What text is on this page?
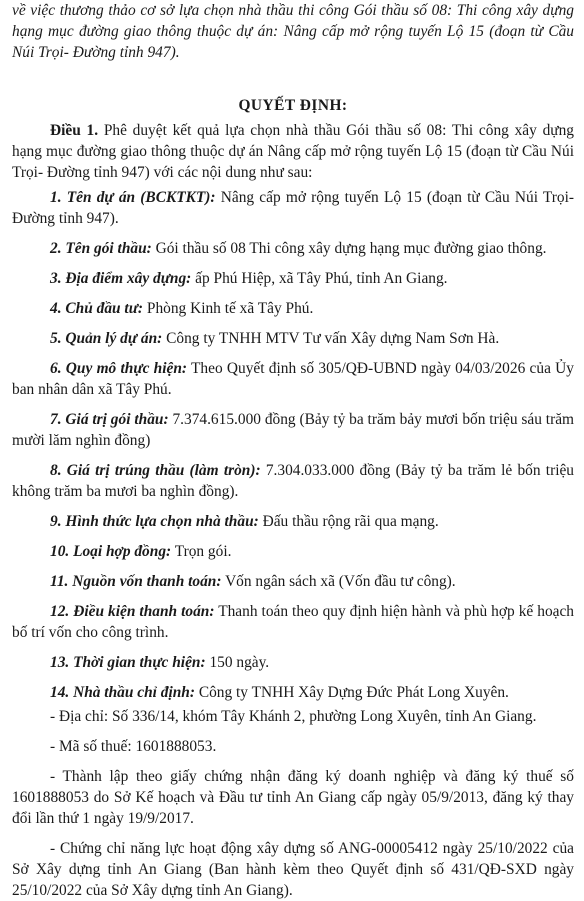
về việc thương thảo cơ sở lựa chọn nhà thầu thi công Gói thầu số 08: Thi công xây dựng hạng mục đường giao thông thuộc dự án: Nâng cấp mở rộng tuyến Lộ 15 (đoạn từ Cầu Núi Trọi- Đường tỉnh 947).

QUYẾT ĐỊNH:

Điều 1. Phê duyệt kết quả lựa chọn nhà thầu Gói thầu số 08: Thi công xây dựng hạng mục đường giao thông thuộc dự án Nâng cấp mở rộng tuyến Lộ 15 (đoạn từ Cầu Núi Trọi- Đường tỉnh 947) với các nội dung như sau:

1. Tên dự án (BCKTKT): Nâng cấp mở rộng tuyến Lộ 15 (đoạn từ Cầu Núi Trọi- Đường tỉnh 947).

2. Tên gói thầu: Gói thầu số 08 Thi công xây dựng hạng mục đường giao thông.

3. Địa điểm xây dựng: ấp Phú Hiệp, xã Tây Phú, tỉnh An Giang.

4. Chủ đầu tư: Phòng Kinh tế xã Tây Phú.

5. Quản lý dự án: Công ty TNHH MTV Tư vấn Xây dựng Nam Sơn Hà.

6. Quy mô thực hiện: Theo Quyết định số 305/QĐ-UBND ngày 04/03/2026 của Ủy ban nhân dân xã Tây Phú.

7. Giá trị gói thầu: 7.374.615.000 đồng (Bảy tỷ ba trăm bảy mươi bốn triệu sáu trăm mười lăm nghìn đồng)

8. Giá trị trúng thầu (làm tròn): 7.304.033.000 đồng (Bảy tỷ ba trăm lẻ bốn triệu không trăm ba mươi ba nghìn đồng).

9. Hình thức lựa chọn nhà thầu: Đấu thầu rộng rãi qua mạng.

10. Loại hợp đồng: Trọn gói.

11. Nguồn vốn thanh toán: Vốn ngân sách xã (Vốn đầu tư công).

12. Điều kiện thanh toán: Thanh toán theo quy định hiện hành và phù hợp kế hoạch bố trí vốn cho công trình.

13. Thời gian thực hiện: 150 ngày.

14. Nhà thầu chỉ định: Công ty TNHH Xây Dựng Đức Phát Long Xuyên.

- Địa chỉ: Số 336/14, khóm Tây Khánh 2, phường Long Xuyên, tỉnh An Giang.

- Mã số thuế: 1601888053.

- Thành lập theo giấy chứng nhận đăng ký doanh nghiệp và đăng ký thuế số 1601888053 do Sở Kế hoạch và Đầu tư tỉnh An Giang cấp ngày 05/9/2013, đăng ký thay đổi lần thứ 1 ngày 19/9/2017.

- Chứng chỉ năng lực hoạt động xây dựng số ANG-00005412 ngày 25/10/2022 của Sở Xây dựng tỉnh An Giang (Ban hành kèm theo Quyết định số 431/QĐ-SXD ngày 25/10/2022 của Sở Xây dựng tỉnh An Giang).
